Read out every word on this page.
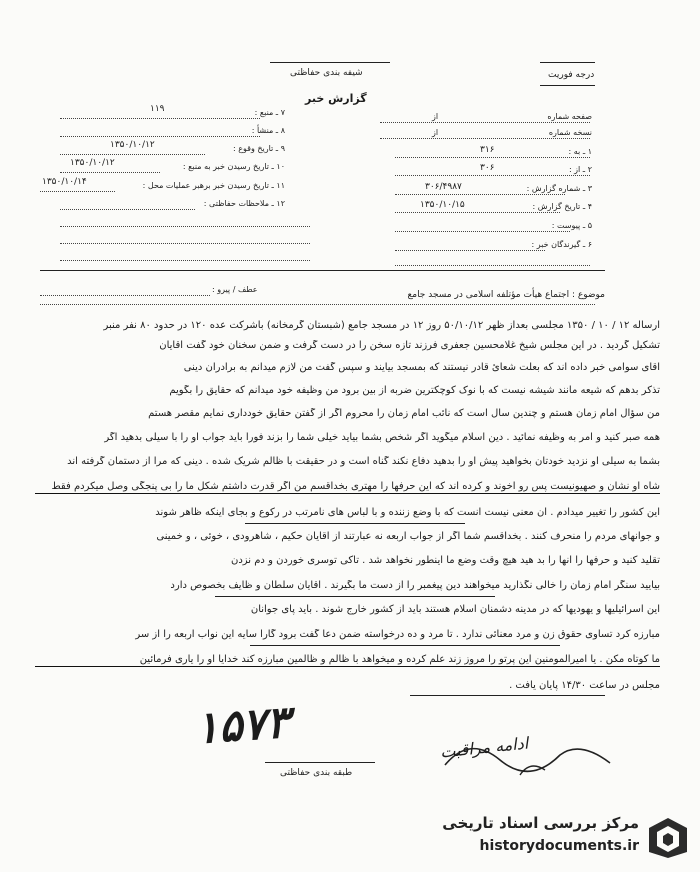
شیفه بندی حفاظتی
گزارش خبر
درجه فوریت
صفحه شماره
از
نسخه شماره
از
۱ ـ به :
۳۱۶
۲ ـ از :
۳۰۶
۳ ـ شماره گزارش :
۳۰۶/۴۹۸۷
۴ ـ تاریخ گزارش :
۱۳۵۰/۱۰/۱۵
۵ ـ پیوست :
۶ ـ گیرندگان خبر :
۷ ـ منبع :
۱۱۹
۸ ـ منشأ :
۹ ـ تاریخ وقوع :
۱۳۵۰/۱۰/۱۲
۱۰ ـ تاریخ رسیدن خبر به منبع :
۱۳۵۰/۱۰/۱۲
۱۱ ـ تاریخ رسیدن خبر برهبر عملیات محل :
۱۳۵۰/۱۰/۱۴
۱۲ ـ ملاحظات حفاظتی :
عطف / پیرو :
موضوع : اجتماع هیأت مؤتلفه اسلامی در مسجد جامع
ارساله ۱۲ / ۱۰ / ۱۳۵۰ مجلسی بعداز ظهر ۵۰/۱۰/۱۲ روز ۱۲ در مسجد جامع (شبستان گرمخانه) باشرکت عده ۱۲۰ در حدود ۸۰ نفر منبر
تشکیل گردید . در این مجلس شیخ غلامحسین جعفری فرزند تازه سخن را در دست گرفت و ضمن سخنان خود گفت آقایان
آقای سوامی خبر داده اند که بعلت شعائ قادر نیستند که بمسجد بیایند و سپس گفت من لازم میدانم به برادران دینی
تذکر بدهم که شیعه مانند شیشه نیست که با نوک کوچکترین ضربه از بین برود من وظیفه خود میدانم که حقایق را بگویم
من سؤال امام زمان هستم و چندین سال است که نائب امام زمان را محروم اگر از گفتن حقایق خودداری نمایم مقصر هستم
همه صبر کنید و امر به وظیفه نمائید . دین اسلام میگوید اگر شخص بشما بیاید خیلی شما را بزند فوراً باید جواب او را با سیلی بدهید اگر
بشما به سیلی او نزدید خودتان بخواهید پیش او را بدهید دفاع نکند گناه است و در حقیقت با ظالم شریک شده . دینی که مرا از دستمان گرفته اند
شاه او نشان و صهیونیست پس رو آخوند و کرده اند که این حرفها را مهتری بخداقسم من اگر قدرت داشتم شکل ما را بی پنجگی وصل میکردم فقط
این کشور را تغییر میدادم . آن معنی نیست آنست که با وضع زننده و با لباس های نامرتب در رکوع و بجای اینکه ظاهر شوند
و جوانهای مردم را منحرف کنند . بخداقسم شما اگر از جواب اربعه نه عبارتند از آقایان حکیم ، شاهرودی ، خوئی ، و خمینی
تقلید کنید و حرفها را آنها را بد هید هیچ وقت وضع ما اینطور نخواهد شد . تاکی توسری خوردن و دم نزدن
بیایید سنگر امام زمان را خالی نگذارید میخواهند دین پیغمبر را از دست ما بگیرند . آقایان سلطان و ظایف بخصوص دارد
این اسرائیلیها و یهودیها که در مدینه دشمنان اسلام هستند باید از کشور خارج شوند . باید پای جوانان
مبارزه کرد تساوی حقوق زن و مرد معنائی ندارد . تا مرد و ده درخواسته ضمن دعا گفت برود گارا سایه این نواب اربعه را از سر
ما کوتاه مکن . یا امیرالمومنین این پرتو را مروز زند علم کرده و میخواهد با ظالم و ظالمین مبارزه کند خدایا او را یاری فرمائین
مجلس در ساعت ۱۴/۳۰ پایان یافت .
۱۵۷۳	ادامه مراقبت
طبقه بندی حفاظتی
مرکز بررسی اسناد تاریخی
historydocuments.ir
